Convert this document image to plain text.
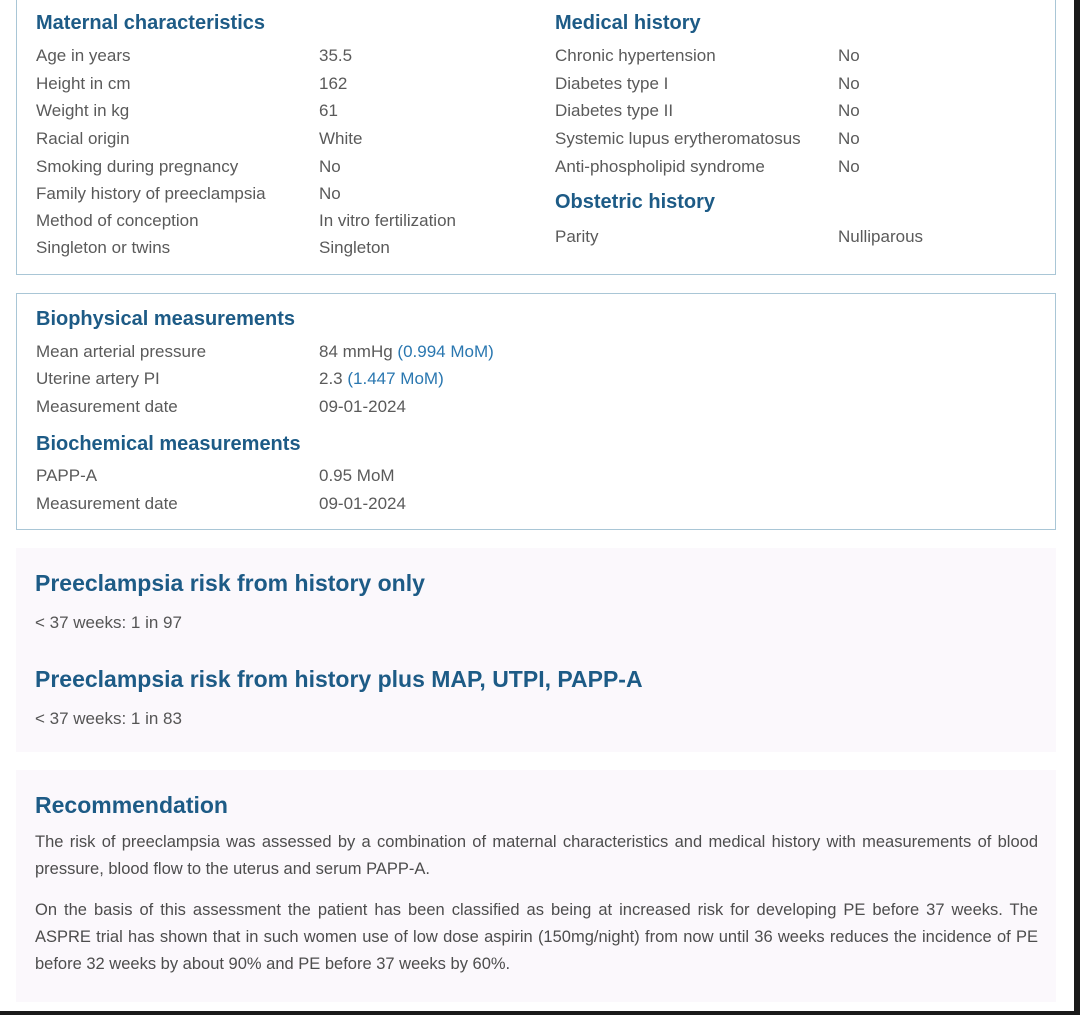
Maternal characteristics
Age in years	35.5
Height in cm	162
Weight in kg	61
Racial origin	White
Smoking during pregnancy	No
Family history of preeclampsia	No
Method of conception	In vitro fertilization
Singleton or twins	Singleton
Medical history
Chronic hypertension	No
Diabetes type I	No
Diabetes type II	No
Systemic lupus erytheromatosus No
Anti-phospholipid syndrome	No
Obstetric history
Parity	Nulliparous
Biophysical measurements
Mean arterial pressure	84 mmHg (0.994 MoM)
Uterine artery PI	2.3 (1.447 MoM)
Measurement date	09-01-2024
Biochemical measurements
PAPP-A	0.95 MoM
Measurement date	09-01-2024
Preeclampsia risk from history only
< 37 weeks: 1 in 97
Preeclampsia risk from history plus MAP, UTPI, PAPP-A
< 37 weeks: 1 in 83
Recommendation

The risk of preeclampsia was assessed by a combination of maternal characteristics and medical history with measurements of blood pressure, blood flow to the uterus and serum PAPP-A.

On the basis of this assessment the patient has been classified as being at increased risk for developing PE before 37 weeks. The ASPRE trial has shown that in such women use of low dose aspirin (150mg/night) from now until 36 weeks reduces the incidence of PE before 32 weeks by about 90% and PE before 37 weeks by 60%.
